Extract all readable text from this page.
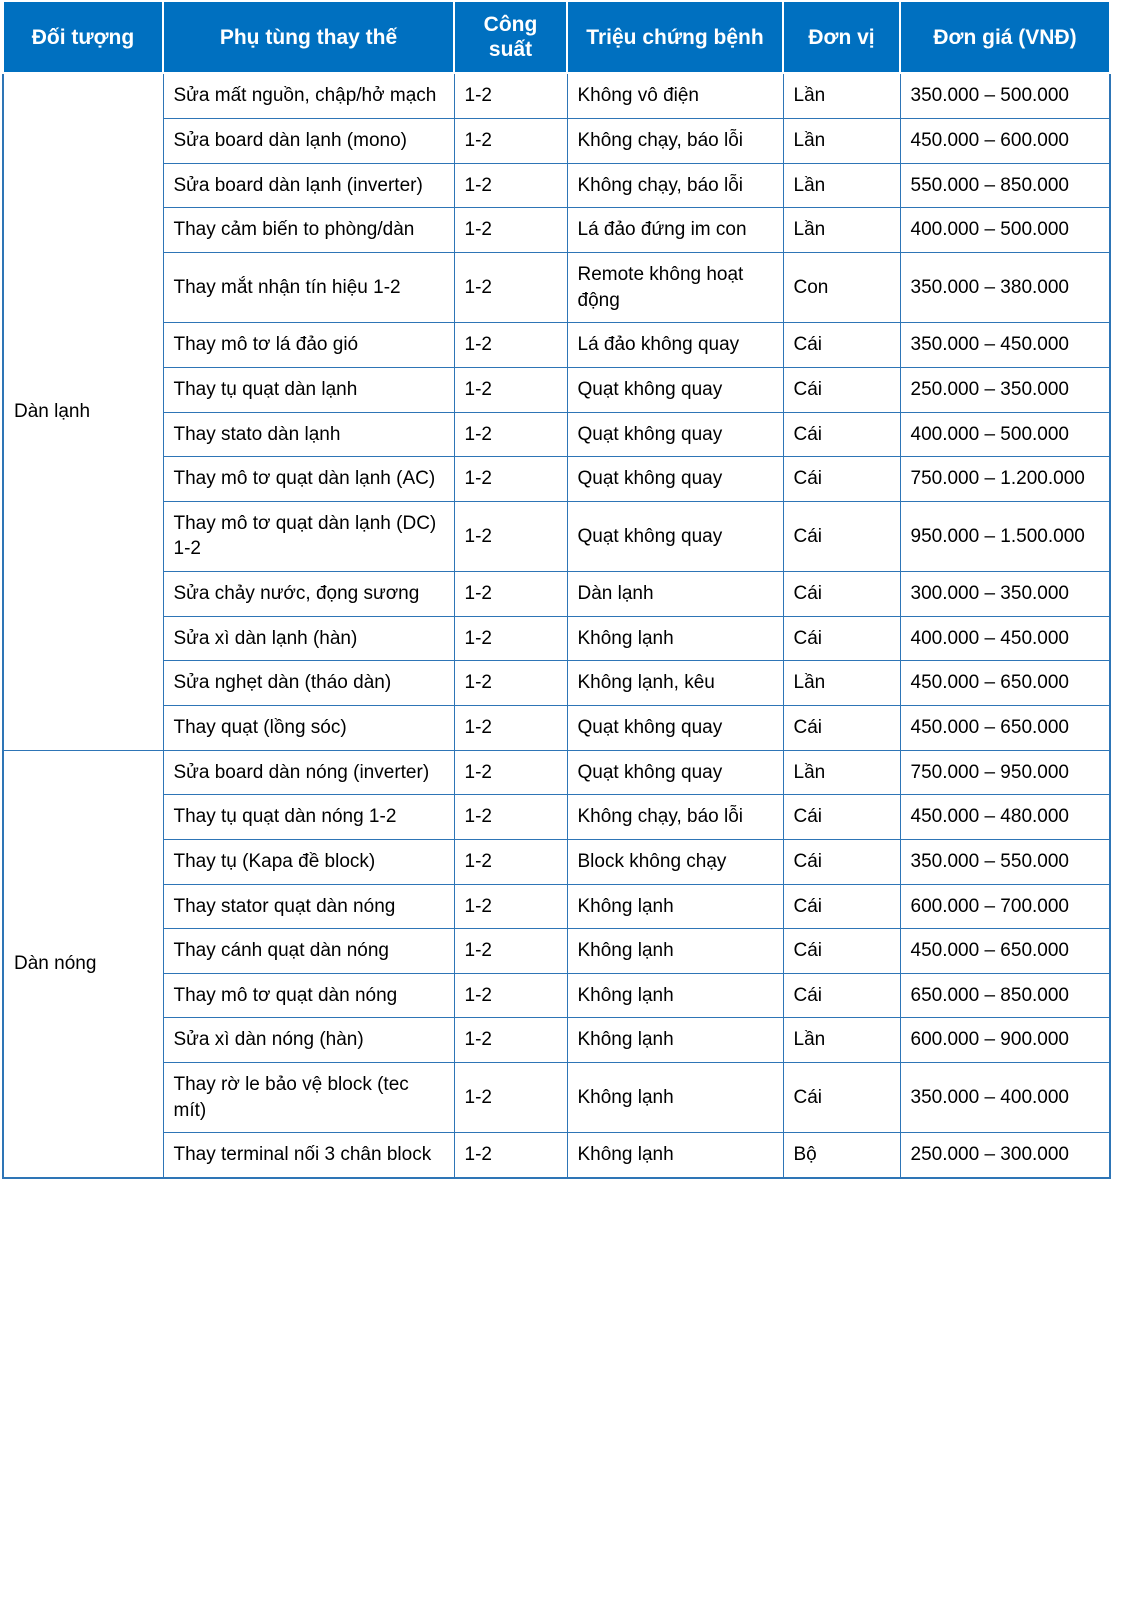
Đối tượng	Phụ tùng thay thế	Công suất	Triệu chứng bệnh	Đơn vị	Đơn giá (VNĐ)
Dàn lạnh	Sửa mất nguồn, chập/hở mạch	1-2	Không vô điện	Lần	350.000 – 500.000
	Sửa board dàn lạnh (mono)	1-2	Không chạy, báo lỗi	Lần	450.000 – 600.000
	Sửa board dàn lạnh (inverter)	1-2	Không chạy, báo lỗi	Lần	550.000 – 850.000
	Thay cảm biến to phòng/dàn	1-2	Lá đảo đứng im con	Lần	400.000 – 500.000
	Thay mắt nhận tín hiệu 1-2	1-2	Remote không hoạt động	Con	350.000 – 380.000
	Thay mô tơ lá đảo gió	1-2	Lá đảo không quay	Cái	350.000 – 450.000
	Thay tụ quạt dàn lạnh	1-2	Quạt không quay	Cái	250.000 – 350.000
	Thay stato dàn lạnh	1-2	Quạt không quay	Cái	400.000 – 500.000
	Thay mô tơ quạt dàn lạnh (AC)	1-2	Quạt không quay	Cái	750.000 – 1.200.000
	Thay mô tơ quạt dàn lạnh (DC) 1-2	1-2	Quạt không quay	Cái	950.000 – 1.500.000
	Sửa chảy nước, đọng sương	1-2	Dàn lạnh	Cái	300.000 – 350.000
	Sửa xì dàn lạnh (hàn)	1-2	Không lạnh	Cái	400.000 – 450.000
	Sửa nghẹt dàn (tháo dàn)	1-2	Không lạnh, kêu	Lần	450.000 – 650.000
	Thay quạt (lồng sóc)	1-2	Quạt không quay	Cái	450.000 – 650.000
Dàn nóng	Sửa board dàn nóng (inverter)	1-2	Quạt không quay	Lần	750.000 – 950.000
	Thay tụ quạt dàn nóng 1-2	1-2	Không chạy, báo lỗi	Cái	450.000 – 480.000
	Thay tụ (Kapa đề block)	1-2	Block không chạy	Cái	350.000 – 550.000
	Thay stator quạt dàn nóng	1-2	Không lạnh	Cái	600.000 – 700.000
	Thay cánh quạt dàn nóng	1-2	Không lạnh	Cái	450.000 – 650.000
	Thay mô tơ quạt dàn nóng	1-2	Không lạnh	Cái	650.000 – 850.000
	Sửa xì dàn nóng (hàn)	1-2	Không lạnh	Lần	600.000 – 900.000
	Thay rờ le bảo vệ block (tec mít)	1-2	Không lạnh	Cái	350.000 – 400.000
	Thay terminal nối 3 chân block	1-2	Không lạnh	Bộ	250.000 – 300.000
